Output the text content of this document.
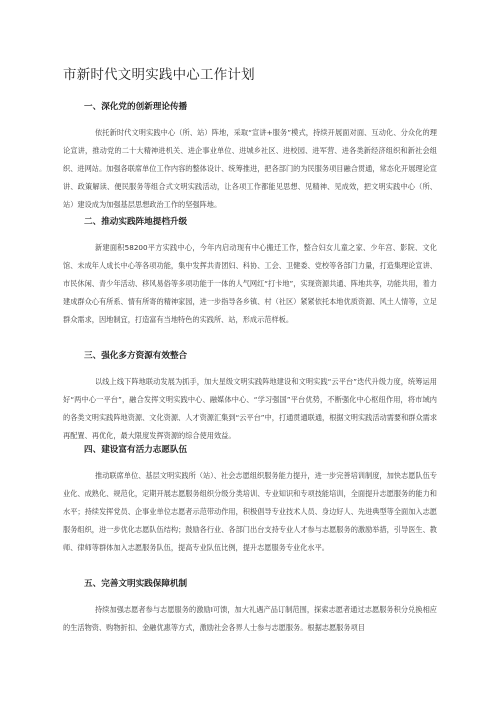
市新时代文明实践中心工作计划
一、深化党的创新理论传播
依托新时代文明实践中心（所、站）阵地，采取“宣讲+服务”模式，持续开展面对面、互动化、分众化的理论宣讲，推动党的二十大精神进机关、进企事业单位、进城乡社区、进校园、进军营、进各类新经济组织和新社会组织、进网站。加强各联席单位工作内容的整体设计、统筹推进，把各部门的为民服务项目融合贯通，常态化开展理论宣讲、政策解读、便民服务等组合式文明实践活动，让各项工作都能见思想、见精神、见成效，把文明实践中心（所、站）建设成为加强基层思想政治工作的坚强阵地。
二、推动实践阵地提档升级
新建面积58200平方实践中心，今年内启动现有中心搬迁工作，整合妇女儿童之家、少年宫、影院、文化馆、未成年人成长中心等各项功能，集中发挥共青团妇、科协、工会、卫健委、党校等各部门力量，打造集理论宣讲、市民休闲、青少年活动、移风易俗等多项功能于一体的人气网红“打卡地”，实现资源共通、阵地共享，功能共用，着力建成群众心有所系、情有所寄的精神家园，进一步指导各乡镇、村（社区）紧紧依托本地优质资源、风土人情等，立足群众需求，因地制宜，打造富有当地特色的实践所、站，形成示范样板。
三、强化多方资源有效整合
以线上线下阵地联动发展为抓手，加大星级文明实践阵地建设和文明实践“云平台”迭代升级力度，统筹运用好“两中心一平台”，融合发挥文明实践中心、融媒体中心、“学习强国”平台优势，不断强化中心枢纽作用，将市域内的各类文明实践阵地资源、文化资源、人才资源汇集到“云平台”中，打通贯通联通，根据文明实践活动需要和群众需求再配置、再优化，最大限度发挥资源的综合使用效益。
四、建设富有活力志愿队伍
推动联席单位、基层文明实践所（站）、社会志愿组织服务能力提升，进一步完善培训制度，加快志愿队伍专业化、成熟化、规范化，定期开展志愿服务组织分级分类培训、专业知识和专项技能培训，全面提升志愿服务的能力和水平；持续发挥党员、企事业单位志愿者示范带动作用，积极倡导专业技术人员、身边好人、先进典型等全面加入志愿服务组织，进一步优化志愿队伍结构；鼓励各行业、各部门出台支持专业人才参与志愿服务的激励举措，引导医生、教师、律师等群体加入志愿服务队伍，提高专业队伍比例，提升志愿服务专业化水平。
五、完善文明实践保障机制
持续加强志愿者参与志愿服务的激励I可馈，加大礼遇产品订制范围，探索志愿者通过志愿服务积分兑换相应的生活物资、购物折扣、金融优惠等方式，激励社会各界人士参与志愿服务。根据志愿服务项目
